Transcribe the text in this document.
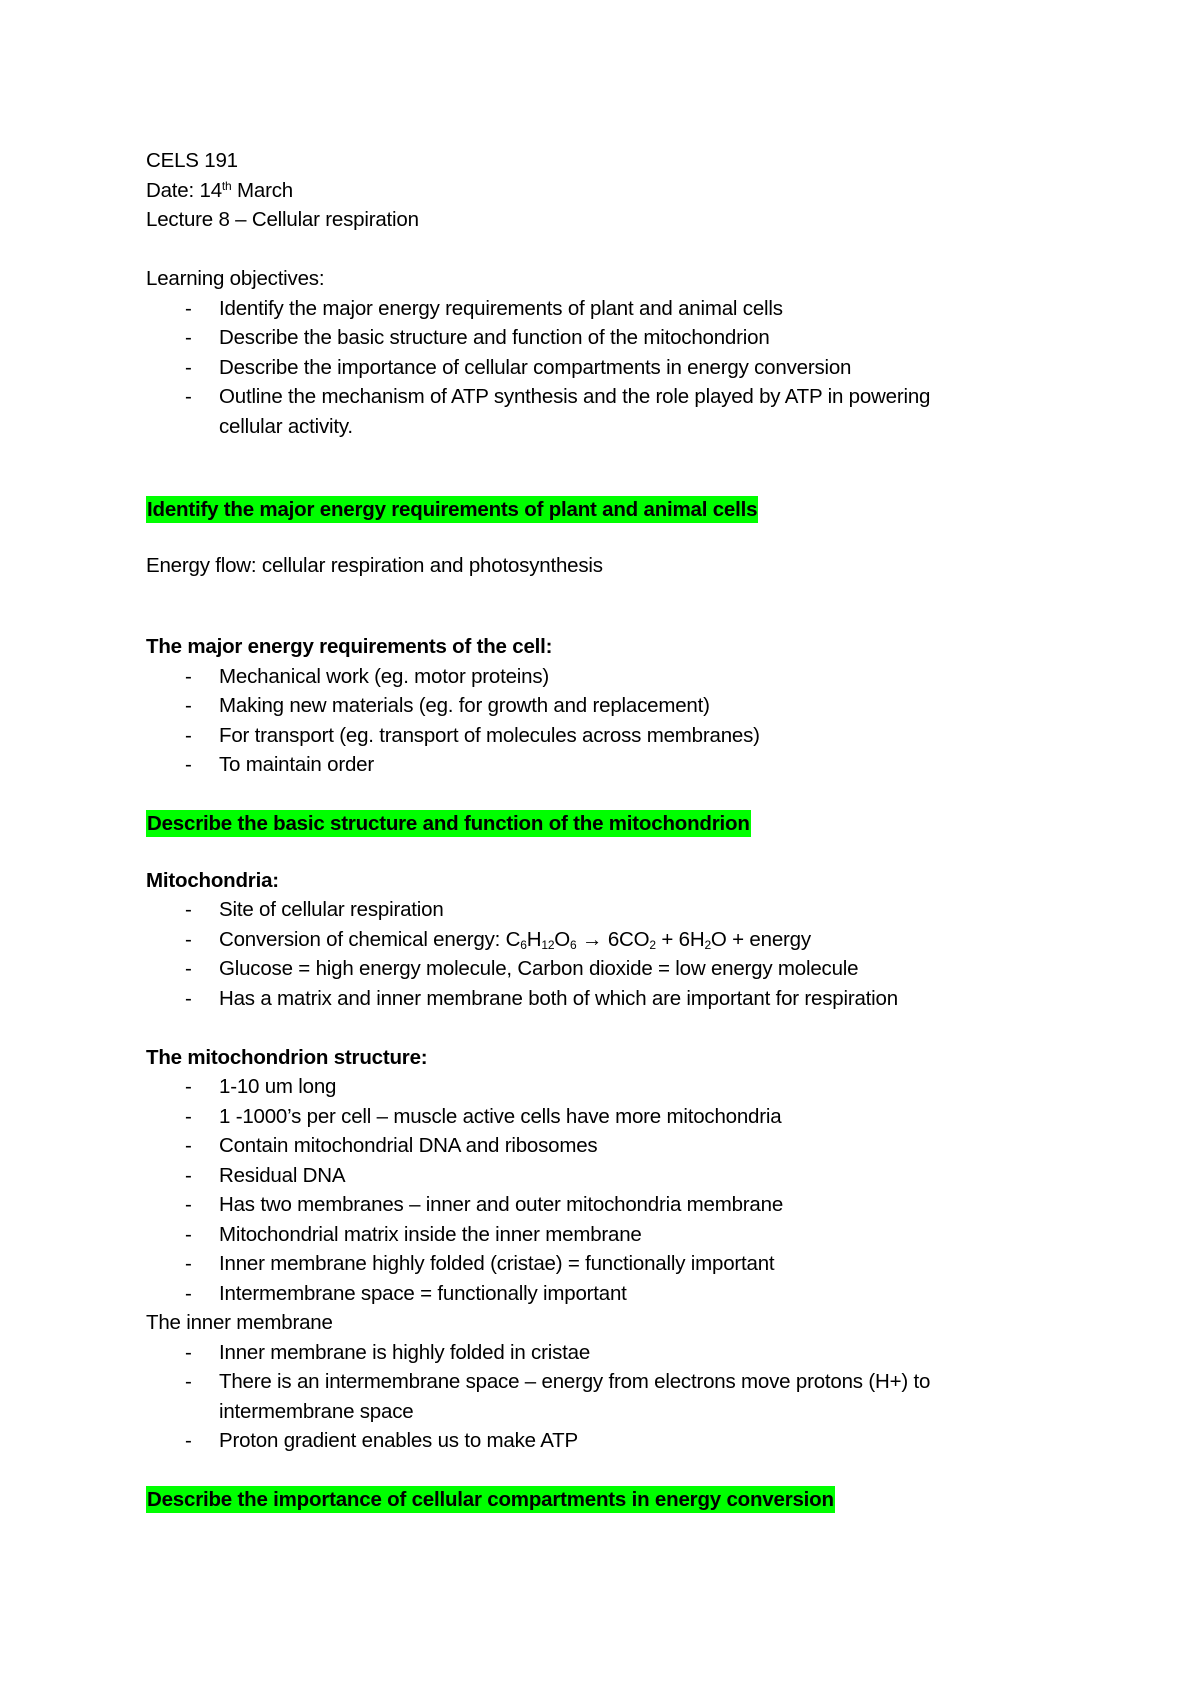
CELS 191
Date: 14th March
Lecture 8 – Cellular respiration
Learning objectives:
- Identify the major energy requirements of plant and animal cells
- Describe the basic structure and function of the mitochondrion
- Describe the importance of cellular compartments in energy conversion
- Outline the mechanism of ATP synthesis and the role played by ATP in powering cellular activity.
Identify the major energy requirements of plant and animal cells
Energy flow: cellular respiration and photosynthesis
The major energy requirements of the cell:
- Mechanical work (eg. motor proteins)
- Making new materials (eg. for growth and replacement)
- For transport (eg. transport of molecules across membranes)
- To maintain order
Describe the basic structure and function of the mitochondrion
Mitochondria:
- Site of cellular respiration
- Conversion of chemical energy: $C_6H_{12}O_6 \to 6CO_2 + 6H_2O$ + energy
- Glucose = high energy molecule, Carbon dioxide = low energy molecule
- Has a matrix and inner membrane both of which are important for respiration
The mitochondrion structure:
- 1-10 um long
- 1 -1000’s per cell – muscle active cells have more mitochondria
- Contain mitochondrial DNA and ribosomes
- Residual DNA
- Has two membranes – inner and outer mitochondria membrane
- Mitochondrial matrix inside the inner membrane
- Inner membrane highly folded (cristae) = functionally important
- Intermembrane space = functionally important
The inner membrane
- Inner membrane is highly folded in cristae
- There is an intermembrane space – energy from electrons move protons (H+) to intermembrane space
- Proton gradient enables us to make ATP
Describe the importance of cellular compartments in energy conversion
